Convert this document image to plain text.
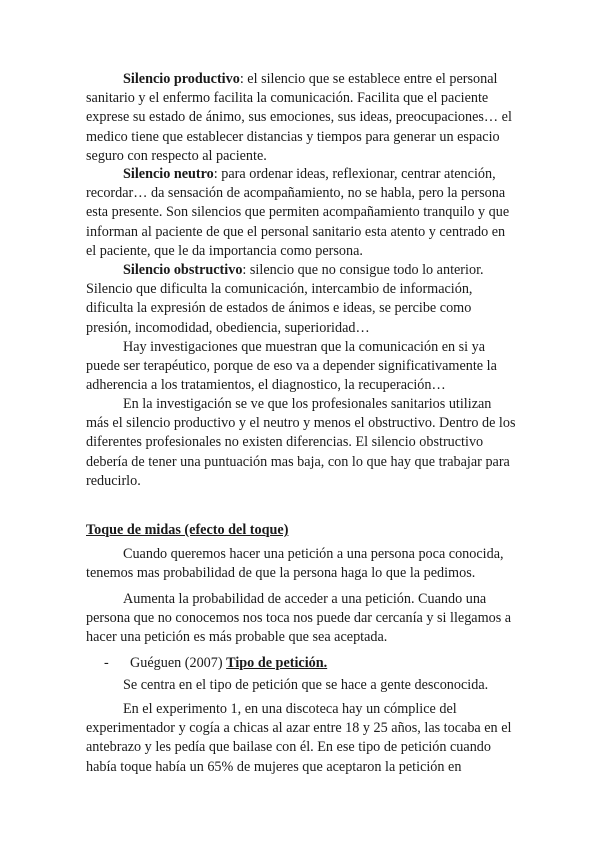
Silencio productivo: el silencio que se establece entre el personal sanitario y el enfermo facilita la comunicación. Facilita que el paciente exprese su estado de ánimo, sus emociones, sus ideas, preocupaciones… el medico tiene que establecer distancias y tiempos para generar un espacio seguro con respecto al paciente.

Silencio neutro: para ordenar ideas, reflexionar, centrar atención, recordar… da sensación de acompañamiento, no se habla, pero la persona esta presente. Son silencios que permiten acompañamiento tranquilo y que informan al paciente de que el personal sanitario esta atento y centrado en el paciente, que le da importancia como persona.

Silencio obstructivo: silencio que no consigue todo lo anterior. Silencio que dificulta la comunicación, intercambio de información, dificulta la expresión de estados de ánimos e ideas, se percibe como presión, incomodidad, obediencia, superioridad…

Hay investigaciones que muestran que la comunicación en si ya puede ser terapéutico, porque de eso va a depender significativamente la adherencia a los tratamientos, el diagnostico, la recuperación…

En la investigación se ve que los profesionales sanitarios utilizan más el silencio productivo y el neutro y menos el obstructivo. Dentro de los diferentes profesionales no existen diferencias. El silencio obstructivo debería de tener una puntuación mas baja, con lo que hay que trabajar para reducirlo.

Toque de midas (efecto del toque)

Cuando queremos hacer una petición a una persona poca conocida, tenemos mas probabilidad de que la persona haga lo que la pedimos.

Aumenta la probabilidad de acceder a una petición. Cuando una persona que no conocemos nos toca nos puede dar cercanía y si llegamos a hacer una petición es más probable que sea aceptada.

- Guéguen (2007) Tipo de petición.

Se centra en el tipo de petición que se hace a gente desconocida.

En el experimento 1, en una discoteca hay un cómplice del experimentador y cogía a chicas al azar entre 18 y 25 años, las tocaba en el antebrazo y les pedía que bailase con él. En ese tipo de petición cuando había toque había un 65% de mujeres que aceptaron la petición en
